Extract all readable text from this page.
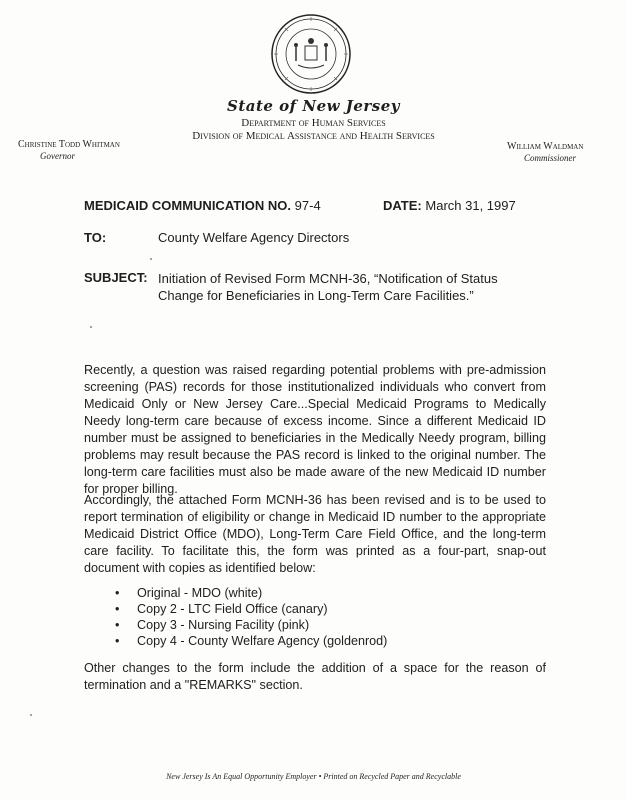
State of New Jersey
Department of Human Services
Division of Medical Assistance and Health Services
Christine Todd Whitman
Governor
William Waldman
Commissioner
MEDICAID COMMUNICATION NO. 97-4	DATE: March 31, 1997
TO:	County Welfare Agency Directors
SUBJECT: Initiation of Revised Form MCNH-36, “Notification of Status Change for Beneficiaries in Long-Term Care Facilities.”
Recently, a question was raised regarding potential problems with pre-admission screening (PAS) records for those institutionalized individuals who convert from Medicaid Only or New Jersey Care...Special Medicaid Programs to Medically Needy long-term care because of excess income. Since a different Medicaid ID number must be assigned to beneficiaries in the Medically Needy program, billing problems may result because the PAS record is linked to the original number. The long-term care facilities must also be made aware of the new Medicaid ID number for proper billing.
Accordingly, the attached Form MCNH-36 has been revised and is to be used to report termination of eligibility or change in Medicaid ID number to the appropriate Medicaid District Office (MDO), Long-Term Care Field Office, and the long-term care facility. To facilitate this, the form was printed as a four-part, snap-out document with copies as identified below:
• Original - MDO (white)
• Copy 2 - LTC Field Office (canary)
• Copy 3 - Nursing Facility (pink)
• Copy 4 - County Welfare Agency (goldenrod)
Other changes to the form include the addition of a space for the reason of termination and a "REMARKS" section.
New Jersey Is An Equal Opportunity Employer • Printed on Recycled Paper and Recyclable
